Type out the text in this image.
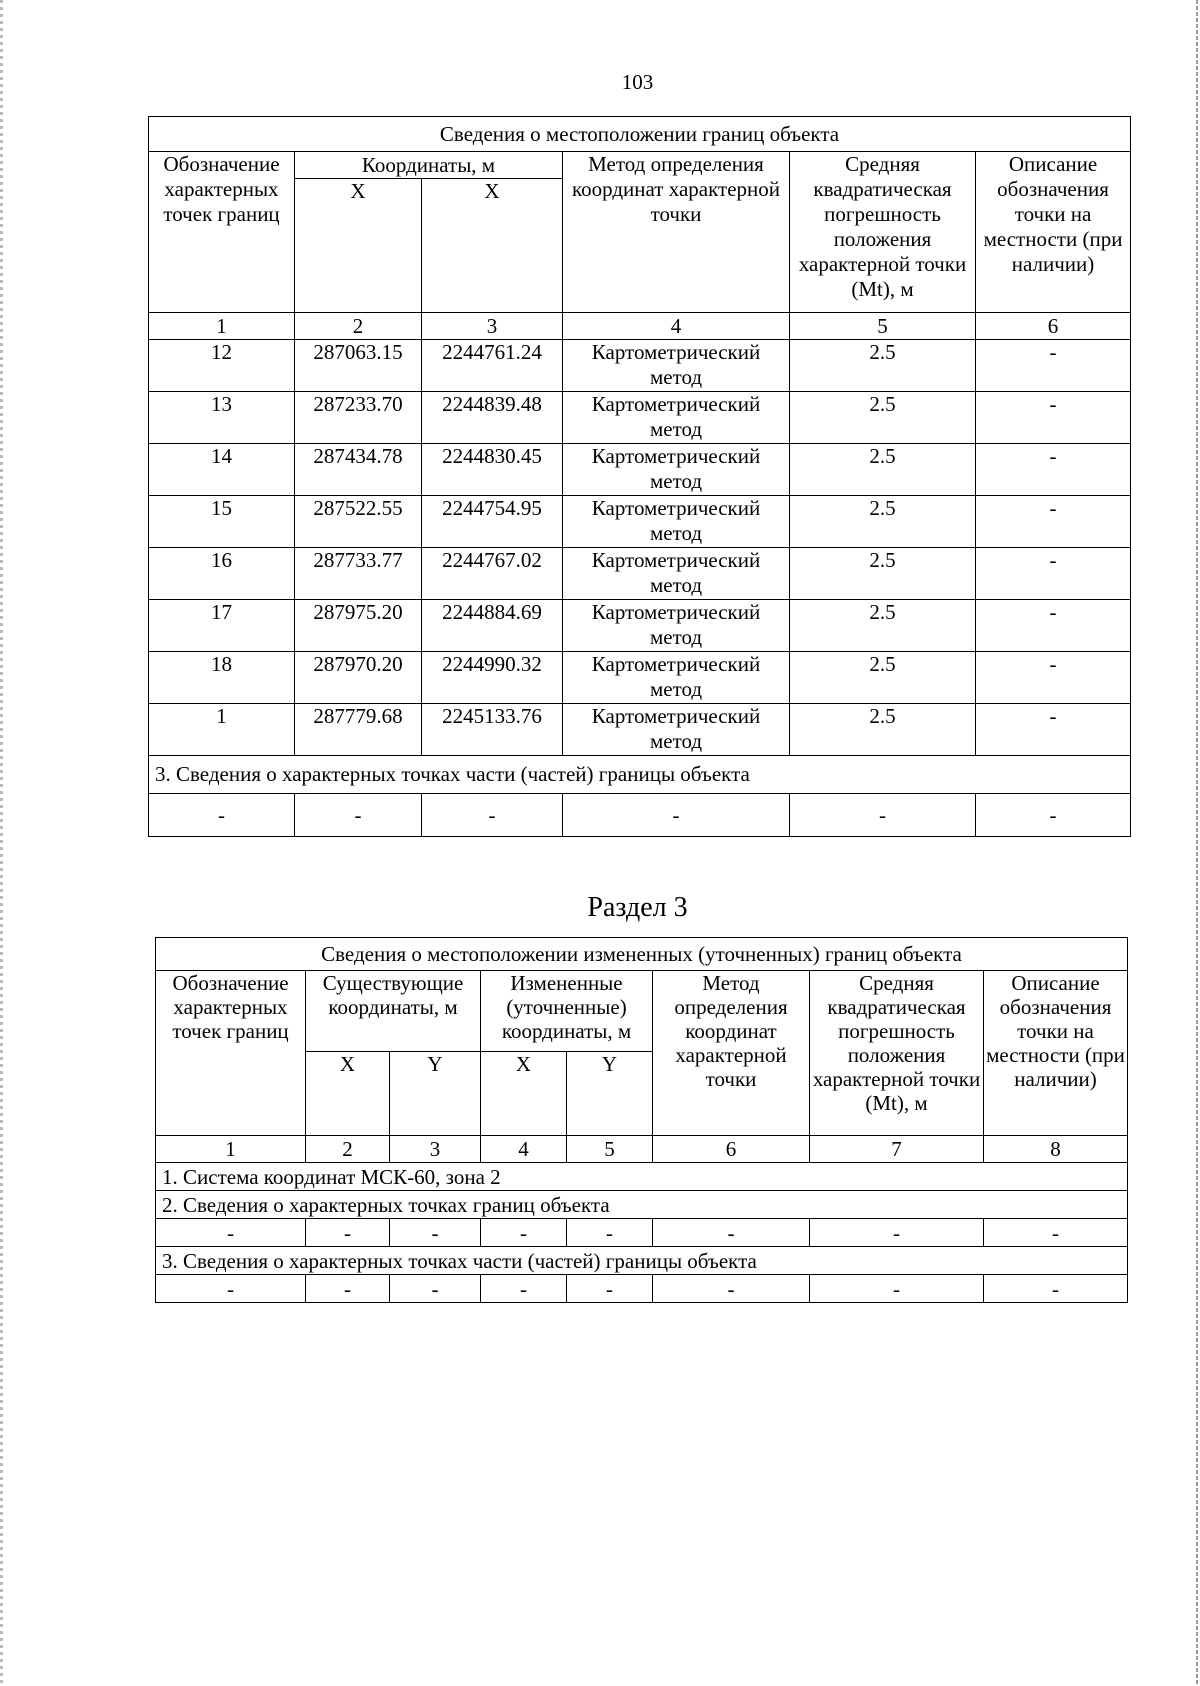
103
Сведения о местоположении границ объекта					
Обозначение характерных точек границ	Координаты, м		Метод определения координат характерной точки	Средняя квадратическая погрешность положения характерной точки (Mt), м	Описание обозначения точки на местности (при наличии)
	X	X			
1	2	3	4	5	6
12	287063.15	2244761.24	Картометрический метод	2.5	-
13	287233.70	2244839.48	Картометрический метод	2.5	-
14	287434.78	2244830.45	Картометрический метод	2.5	-
15	287522.55	2244754.95	Картометрический метод	2.5	-
16	287733.77	2244767.02	Картометрический метод	2.5	-
17	287975.20	2244884.69	Картометрический метод	2.5	-
18	287970.20	2244990.32	Картометрический метод	2.5	-
1	287779.68	2245133.76	Картометрический метод	2.5	-
3. Сведения о характерных точках части (частей) границы объекта					
-	-	-	-	-	-
Раздел 3
Сведения о местоположении измененных (уточненных) границ объекта							
Обозначение характерных точек границ	Существующие координаты, м		Измененные (уточненные) координаты, м		Метод определения координат характерной точки	Средняя квадратическая погрешность положения характерной точки (Mt), м	Описание обозначения точки на местности (при наличии)
	X	Y	X	Y			
1	2	3	4	5	6	7	8
1. Система координат МСК-60, зона 2							
2. Сведения о характерных точках границ объекта							
-	-	-	-	-	-	-	-
3. Сведения о характерных точках части (частей) границы объекта							
-	-	-	-	-	-	-	-
